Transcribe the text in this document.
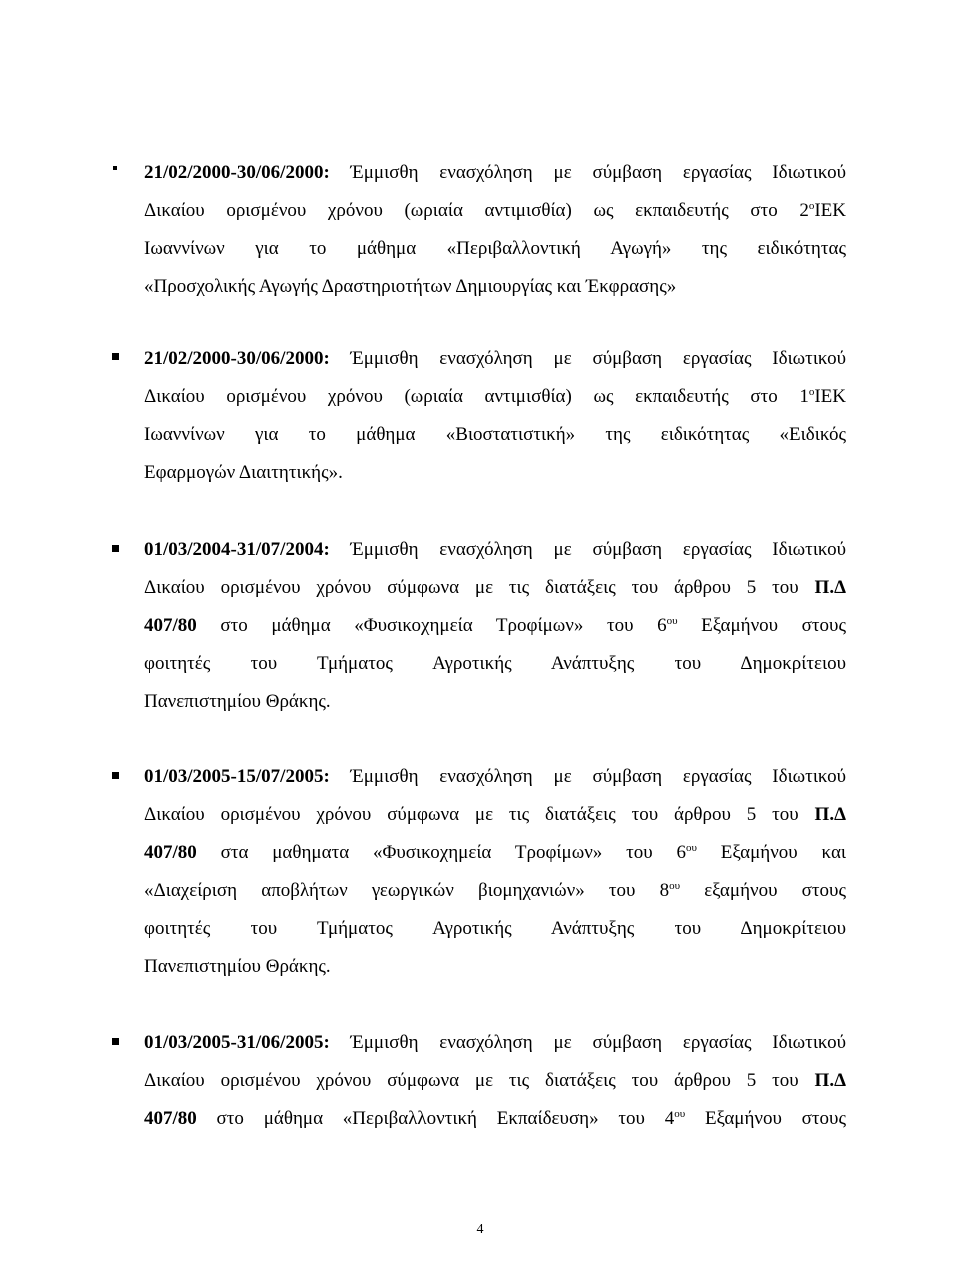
21/02/2000-30/06/2000: Έμμισθη ενασχόληση με σύμβαση εργασίας Ιδιωτικού
Δικαίου ορισμένου χρόνου (ωριαία αντιμισθία) ως εκπαιδευτής στο $2^oIEK$
Ιωαννίνων για το μάθημα «Περιβαλλοντική Αγωγή» της ειδικότητας
«Προσχολικής Αγωγής Δραστηριοτήτων Δημιουργίας και Έκφρασης»
21/02/2000-30/06/2000: Έμμισθη ενασχόληση με σύμβαση εργασίας Ιδιωτικού
Δικαίου ορισμένου χρόνου (ωριαία αντιμισθία) ως εκπαιδευτής στο $1^oIEK$
Ιωαννίνων για το μάθημα «Βιοστατιστική» της ειδικότητας «Ειδικός
Εφαρμογών Διαιτητικής».
01/03/2004-31/07/2004: Έμμισθη ενασχόληση με σύμβαση εργασίας Ιδιωτικού
Δικαίου ορισμένου χρόνου σύμφωνα με τις διατάξεις του άρθρου 5 του Π.Δ
407/80 στο μάθημα «Φυσικοχημεία Τροφίμων» του $6^{o\upsilon}$ Εξαμήνου στους
φοιτητές του Τμήματος Αγροτικής Ανάπτυξης του Δημοκρίτειου
Πανεπιστημίου Θράκης.
01/03/2005-15/07/2005: Έμμισθη ενασχόληση με σύμβαση εργασίας Ιδιωτικού
Δικαίου ορισμένου χρόνου σύμφωνα με τις διατάξεις του άρθρου 5 του Π.Δ
407/80 στα μαθηματα «Φυσικοχημεία Τροφίμων» του $6^{o\upsilon}$ Εξαμήνου και
«Διαχείριση αποβλήτων γεωργικών βιομηχανιών» του $8^{o\upsilon}$ εξαμήνου στους
φοιτητές του Τμήματος Αγροτικής Ανάπτυξης του Δημοκρίτειου
Πανεπιστημίου Θράκης.
01/03/2005-31/06/2005: Έμμισθη ενασχόληση με σύμβαση εργασίας Ιδιωτικού
Δικαίου ορισμένου χρόνου σύμφωνα με τις διατάξεις του άρθρου 5 του Π.Δ
407/80 στο μάθημα «Περιβαλλοντική Εκπαίδευση» του $4^{o\upsilon}$ Εξαμήνου στους
4
